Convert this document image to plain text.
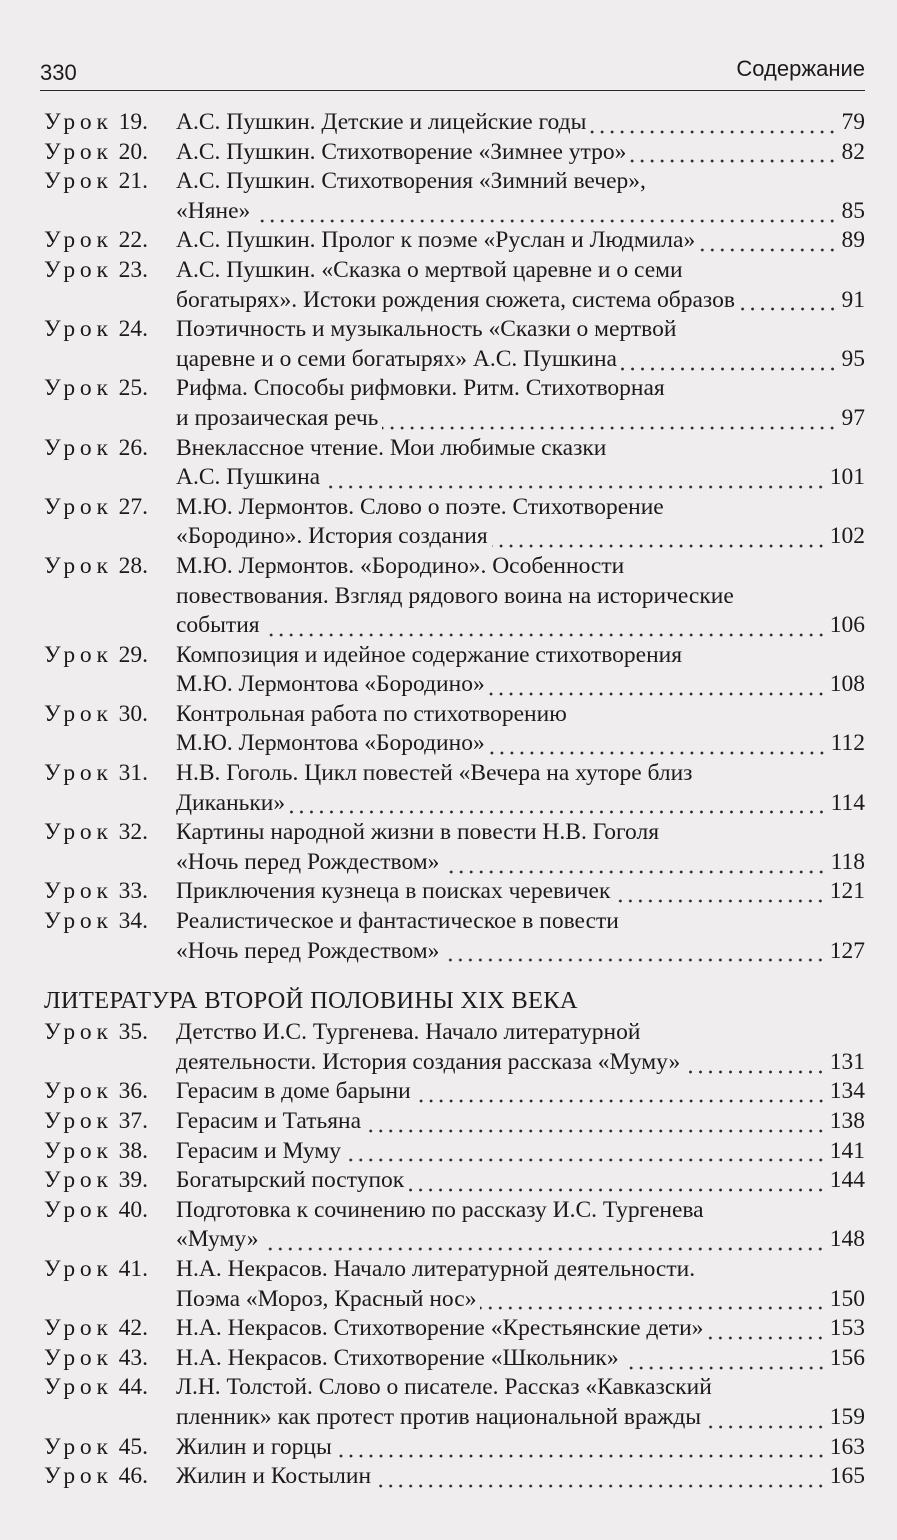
330	Содержание
Урок 19.	А.С. Пушкин. Детские и лицейские годы	79
Урок 20.	А.С. Пушкин. Стихотворение «Зимнее утро»	82
Урок 21.	А.С. Пушкин. Стихотворения «Зимний вечер»,
«Няне»	85
Урок 22.	А.С. Пушкин. Пролог к поэме «Руслан и Людмила»	89
Урок 23.	А.С. Пушкин. «Сказка о мертвой царевне и о семи
богатырях». Истоки рождения сюжета, система образов	91
Урок 24.	Поэтичность и музыкальность «Сказки о мертвой
царевне и о семи богатырях» А.С. Пушкина	95
Урок 25.	Рифма. Способы рифмовки. Ритм. Стихотворная
и прозаическая речь	97
Урок 26.	Внеклассное чтение. Мои любимые сказки
А.С. Пушкина	101
Урок 27.	М.Ю. Лермонтов. Слово о поэте. Стихотворение
«Бородино». История создания	102
Урок 28.	М.Ю. Лермонтов. «Бородино». Особенности
повествования. Взгляд рядового воина на исторические
события	106
Урок 29.	Композиция и идейное содержание стихотворения
М.Ю. Лермонтова «Бородино»	108
Урок 30.	Контрольная работа по стихотворению
М.Ю. Лермонтова «Бородино»	112
Урок 31.	Н.В. Гоголь. Цикл повестей «Вечера на хуторе близ
Диканьки»	114
Урок 32.	Картины народной жизни в повести Н.В. Гоголя
«Ночь перед Рождеством»	118
Урок 33.	Приключения кузнеца в поисках черевичек	121
Урок 34.	Реалистическое и фантастическое в повести
«Ночь перед Рождеством»	127
ЛИТЕРАТУРА ВТОРОЙ ПОЛОВИНЫ XIX ВЕКА
Урок 35.	Детство И.С. Тургенева. Начало литературной
деятельности. История создания рассказа «Муму»	131
Урок 36.	Герасим в доме барыни	134
Урок 37.	Герасим и Татьяна	138
Урок 38.	Герасим и Муму	141
Урок 39.	Богатырский поступок	144
Урок 40.	Подготовка к сочинению по рассказу И.С. Тургенева
«Муму»	148
Урок 41.	Н.А. Некрасов. Начало литературной деятельности.
Поэма «Мороз, Красный нос»	150
Урок 42.	Н.А. Некрасов. Стихотворение «Крестьянские дети»	153
Урок 43.	Н.А. Некрасов. Стихотворение «Школьник»	156
Урок 44.	Л.Н. Толстой. Слово о писателе. Рассказ «Кавказский
пленник» как протест против национальной вражды	159
Урок 45.	Жилин и горцы	163
Урок 46.	Жилин и Костылин	165
